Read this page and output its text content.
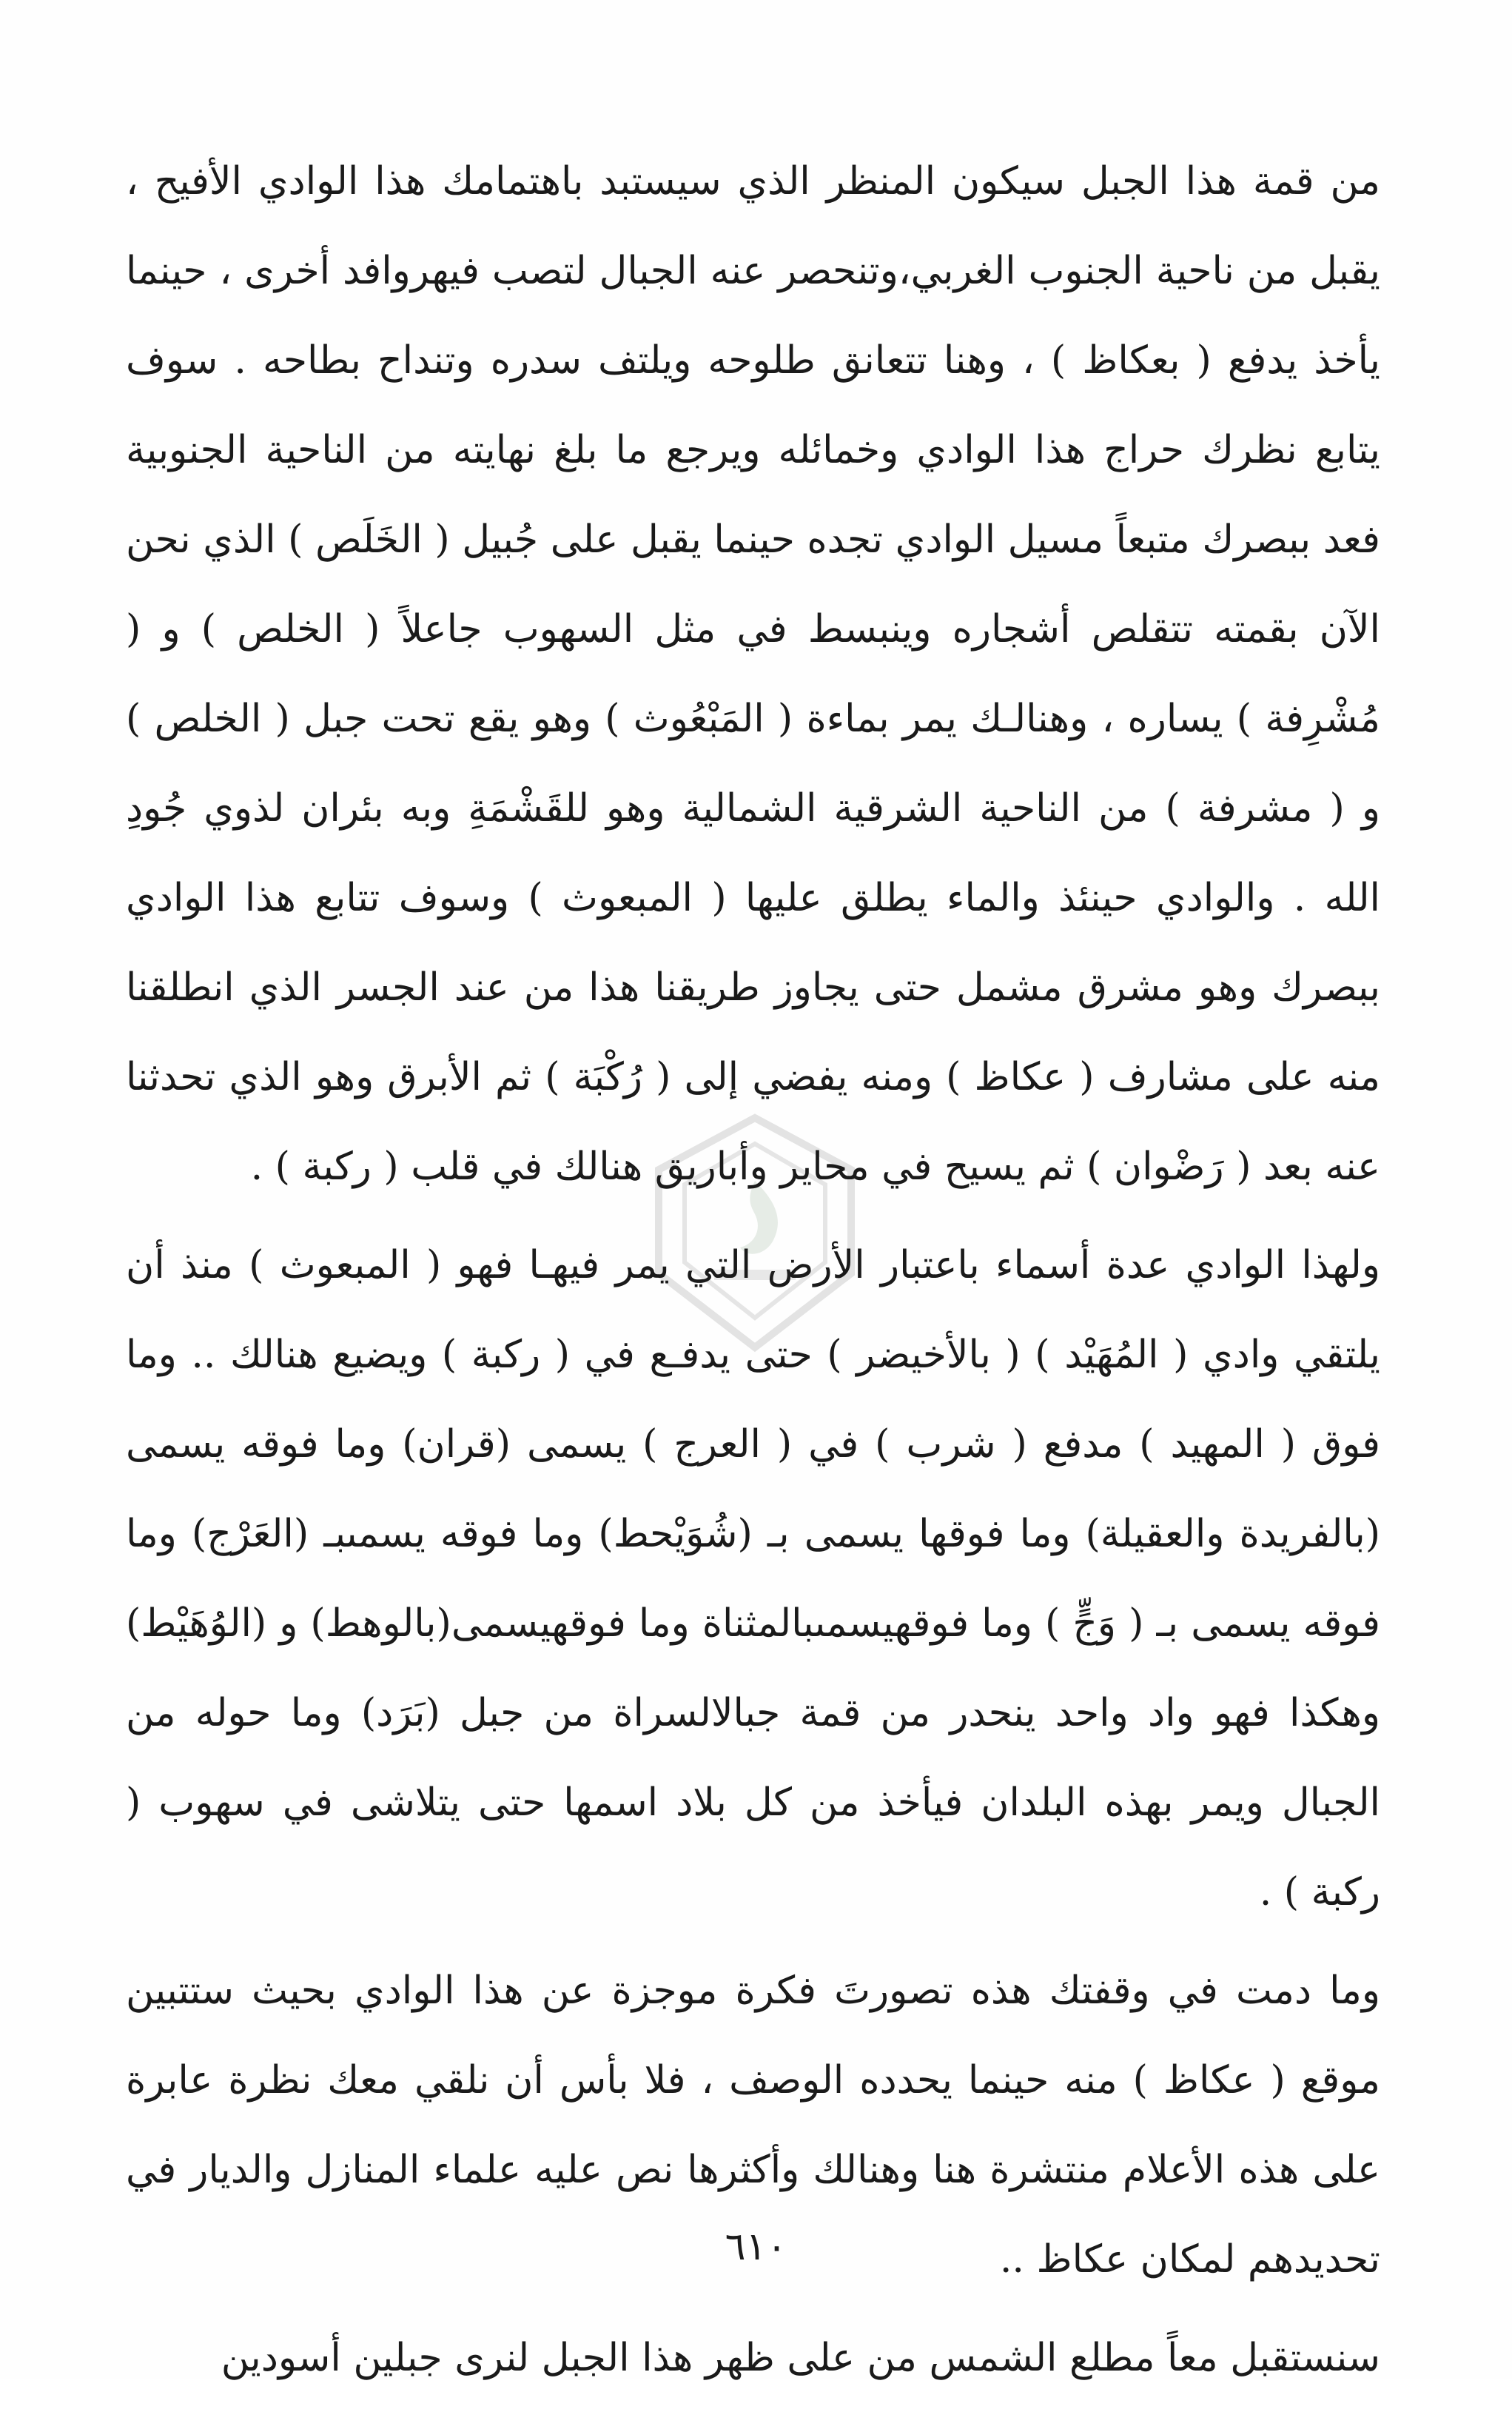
من قمة هذا الجبل سيكون المنظر الذي سيستبد باهتمامك هذا الوادي الأفيح ، يقبل من ناحية الجنوب الغربي،وتنحصر عنه الجبال لتصب فيهروافد أخرى ، حينما يأخذ يدفع ( بعكاظ ) ، وهنا تتعانق طلوحه ويلتف سدره وتنداح بطاحه . سوف يتابع نظرك حراج هذا الوادي وخمائله ويرجع ما بلغ نهايته من الناحية الجنوبية فعد ببصرك متبعاً مسيل الوادي تجده حينما يقبل على جُبيل ( الخَلَص ) الذي نحن الآن بقمته تتقلص أشجاره وينبسط في مثل السهوب جاعلاً ( الخلص ) و ( مُشْرِفة ) يساره ، وهنالـك يمر بماءة ( المَبْعُوث ) وهو يقع تحت جبل ( الخلص ) و ( مشرفة ) من الناحية الشرقية الشمالية وهو للقَشْمَةِ وبه بئران لذوي جُودِ الله . والوادي حينئذ والماء يطلق عليها ( المبعوث ) وسوف تتابع هذا الوادي ببصرك وهو مشرق مشمل حتى يجاوز طريقنا هذا من عند الجسر الذي انطلقنا منه على مشارف ( عكاظ ) ومنه يفضي إلى ( رُكْبَة ) ثم الأبرق وهو الذي تحدثنا عنه بعد ( رَضْوان ) ثم يسيح في محاير وأباريق هنالك في قلب ( ركبة ) .

ولهذا الوادي عدة أسماء باعتبار الأرض التي يمر فيهـا فهو ( المبعوث ) منذ أن يلتقي وادي ( المُهَيْد ) ( بالأخيضر ) حتى يدفـع في ( ركبة ) ويضيع هنالك .. وما فوق ( المهيد ) مدفع ( شرب ) في ( العرج ) يسمى (قران) وما فوقه يسمى (بالفريدة والعقيلة) وما فوقها يسمى بـ (شُوَيْحط) وما فوقه يسمىبـ (العَرْج) وما فوقه يسمى بـ ( وَجٍّ ) وما فوقهيسمىبالمثناة وما فوقهيسمى(بالوهط) و (الوُهَيْط) وهكذا فهو واد واحد ينحدر من قمة جبالالسراة من جبل (بَرَد) وما حوله من الجبال ويمر بهذه البلدان فيأخذ من كل بلاد اسمها حتى يتلاشى في سهوب ( ركبة ) .

وما دمت في وقفتك هذه تصورتَ فكرة موجزة عن هذا الوادي بحيث ستتبين موقع ( عكاظ ) منه حينما يحدده الوصف ، فلا بأس أن نلقي معك نظرة عابرة على هذه الأعلام منتشرة هنا وهنالك وأكثرها نص عليه علماء المنازل والديار في تحديدهم لمكان عكاظ ..

سنستقبل معاً مطلع الشمس من على ظهر هذا الجبل لنرى جبلين أسودين

٦١٠
